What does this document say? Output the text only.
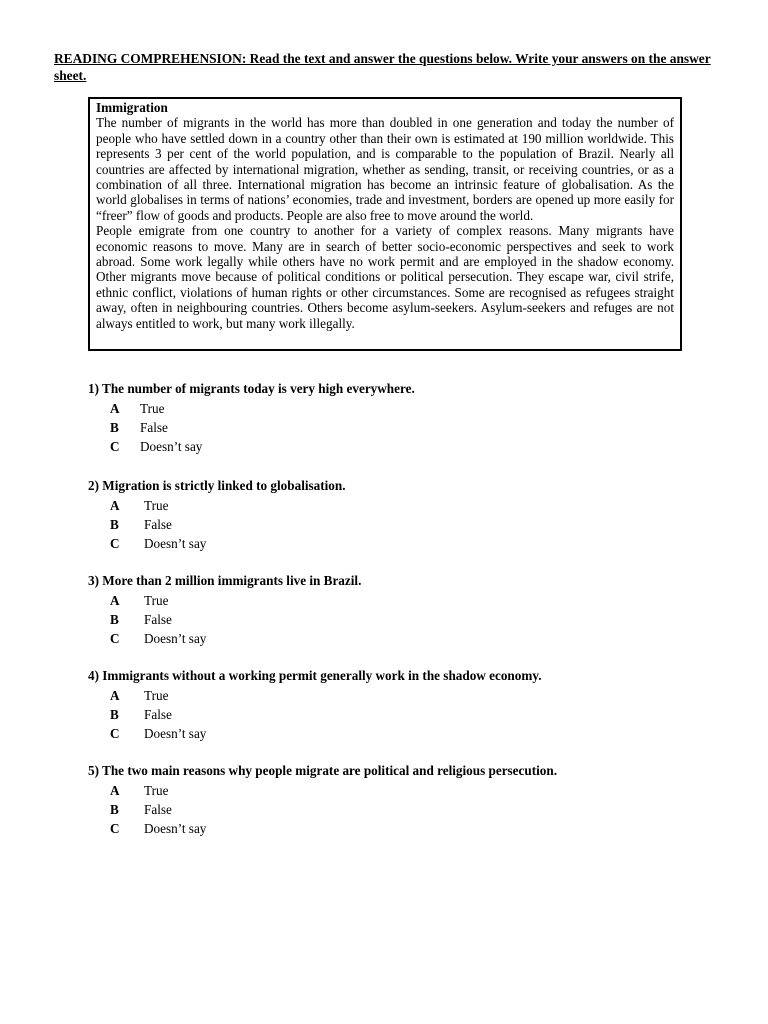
READING COMPREHENSION: Read the text and answer the questions below. Write your answers on the answer sheet.

Immigration

The number of migrants in the world has more than doubled in one generation and today the number of people who have settled down in a country other than their own is estimated at 190 million worldwide. This represents 3 per cent of the world population, and is comparable to the population of Brazil. Nearly all countries are affected by international migration, whether as sending, transit, or receiving countries, or as a combination of all three. International migration has become an intrinsic feature of globalisation. As the world globalises in terms of nations’ economies, trade and investment, borders are opened up more easily for “freer” flow of goods and products. People are also free to move around the world.

People emigrate from one country to another for a variety of complex reasons. Many migrants have economic reasons to move. Many are in search of better socio-economic perspectives and seek to work abroad. Some work legally while others have no work permit and are employed in the shadow economy. Other migrants move because of political conditions or political persecution. They escape war, civil strife, ethnic conflict, violations of human rights or other circumstances. Some are recognised as refugees straight away, often in neighbouring countries. Others become asylum-seekers. Asylum-seekers and refuges are not always entitled to work, but many work illegally.

1) The number of migrants today is very high everywhere.

A	True
B	False
C	Doesn’t say

2) Migration is strictly linked to globalisation.

A	True
B	False
C	Doesn’t say

3) More than 2 million immigrants live in Brazil.

A	True
B	False
C	Doesn’t say

4) Immigrants without a working permit generally work in the shadow economy.

A	True
B	False
C	Doesn’t say

5) The two main reasons why people migrate are political and religious persecution.

A	True
B	False
C	Doesn’t say
